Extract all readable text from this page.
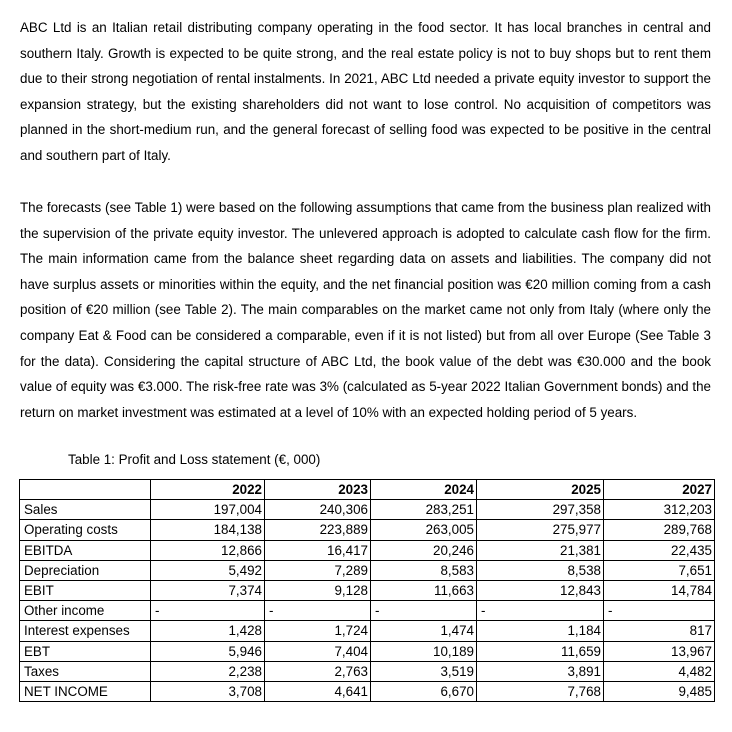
ABC Ltd is an Italian retail distributing company operating in the food sector. It has local branches in central and southern Italy. Growth is expected to be quite strong, and the real estate policy is not to buy shops but to rent them due to their strong negotiation of rental instalments. In 2021, ABC Ltd needed a private equity investor to support the expansion strategy, but the existing shareholders did not want to lose control. No acquisition of competitors was planned in the short-medium run, and the general forecast of selling food was expected to be positive in the central and southern part of Italy.

The forecasts (see Table 1) were based on the following assumptions that came from the business plan realized with the supervision of the private equity investor. The unlevered approach is adopted to calculate cash flow for the firm. The main information came from the balance sheet regarding data on assets and liabilities. The company did not have surplus assets or minorities within the equity, and the net financial position was €20 million coming from a cash position of €20 million (see Table 2). The main comparables on the market came not only from Italy (where only the company Eat & Food can be considered a comparable, even if it is not listed) but from all over Europe (See Table 3 for the data). Considering the capital structure of ABC Ltd, the book value of the debt was €30.000 and the book value of equity was €3.000. The risk-free rate was 3% (calculated as 5-year 2022 Italian Government bonds) and the return on market investment was estimated at a level of 10% with an expected holding period of 5 years.

Table 1: Profit and Loss statement (€, 000)

	2022	2023	2024	2025	2027
Sales	197,004	240,306	283,251	297,358	312,203
Operating costs	184,138	223,889	263,005	275,977	289,768
EBITDA	12,866	16,417	20,246	21,381	22,435
Depreciation	5,492	7,289	8,583	8,538	7,651
EBIT	7,374	9,128	11,663	12,843	14,784
Other income	-	-	-	-	-
Interest expenses	1,428	1,724	1,474	1,184	817
EBT	5,946	7,404	10,189	11,659	13,967
Taxes	2,238	2,763	3,519	3,891	4,482
NET INCOME	3,708	4,641	6,670	7,768	9,485
